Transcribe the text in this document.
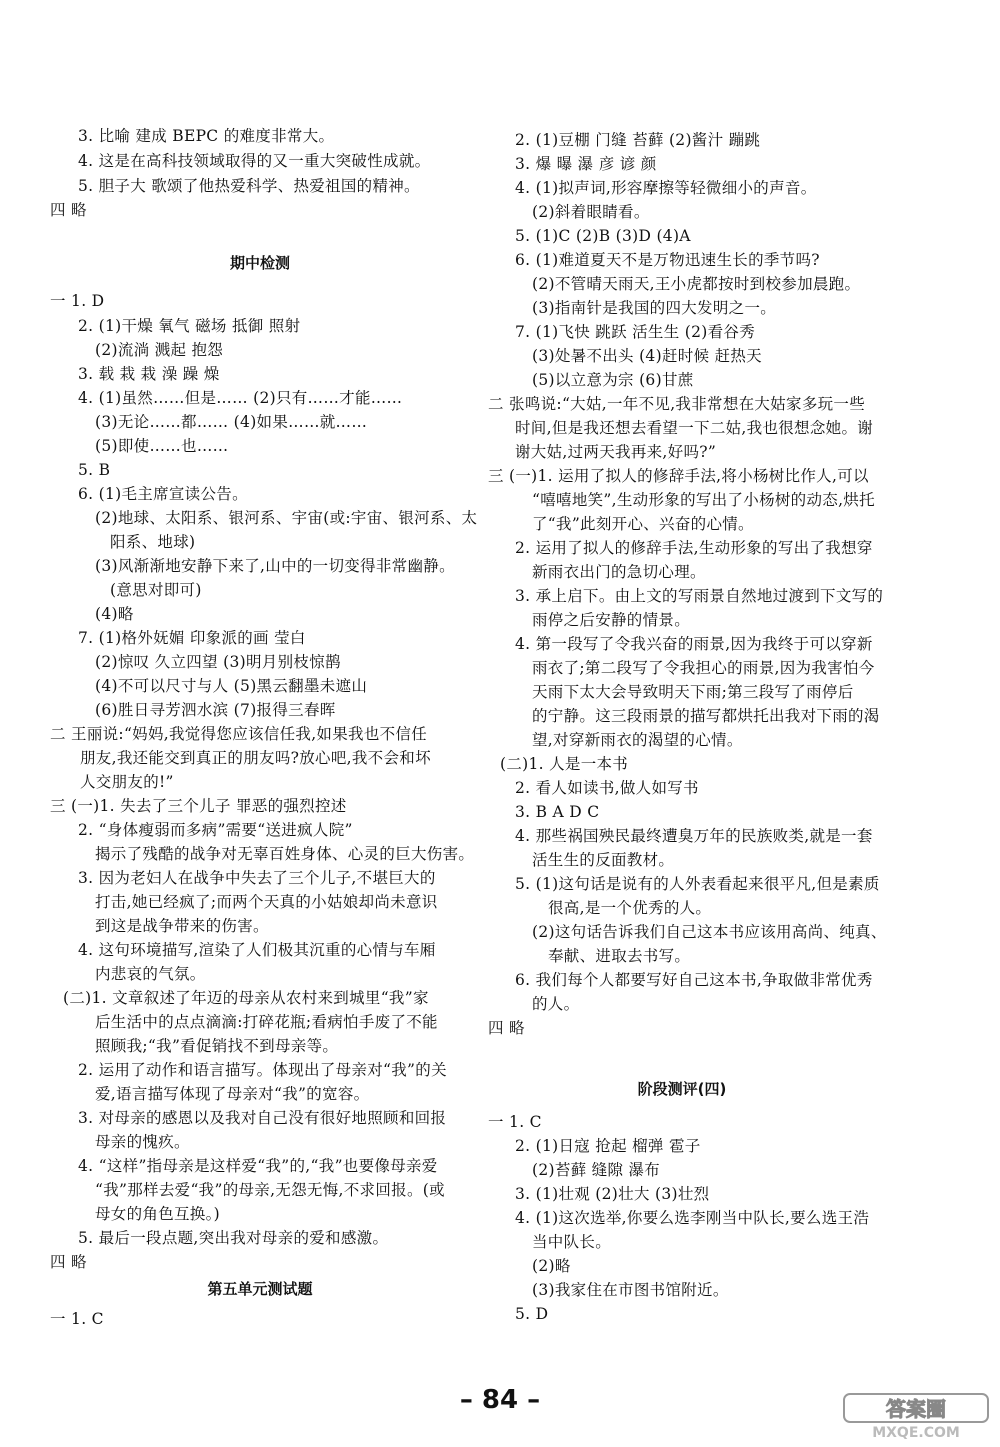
期中检测
第五单元测试题
阶段测评(四)
3. 比喻 建成 BEPC 的难度非常大。
4. 这是在高科技领域取得的又一重大突破性成就。
5. 胆子大 歌颂了他热爱科学、热爱祖国的精神。
四 略
一 1. D
2. (1)干燥 氧气 磁场 抵御 照射
(2)流淌 溅起 抱怨
3. 载 栽 栽 澡 躁 燥
4. (1)虽然……但是…… (2)只有……才能……
(3)无论……都…… (4)如果……就……
(5)即使……也……
5. B
6. (1)毛主席宣读公告。
(2)地球、太阳系、银河系、宇宙(或:宇宙、银河系、太
阳系、地球)
(3)风渐渐地安静下来了,山中的一切变得非常幽静。
(意思对即可)
(4)略
7. (1)格外妩媚 印象派的画 莹白
(2)惊叹 久立四望 (3)明月别枝惊鹊
(4)不可以尺寸与人 (5)黑云翻墨未遮山
(6)胜日寻芳泗水滨 (7)报得三春晖
二 王丽说:“妈妈,我觉得您应该信任我,如果我也不信任
朋友,我还能交到真正的朋友吗?放心吧,我不会和坏
人交朋友的!”
三 (一)1. 失去了三个儿子 罪恶的强烈控述
2. “身体瘦弱而多病”需要“送进疯人院”
揭示了残酷的战争对无辜百姓身体、心灵的巨大伤害。
3. 因为老妇人在战争中失去了三个儿子,不堪巨大的
打击,她已经疯了;而两个天真的小姑娘却尚未意识
到这是战争带来的伤害。
4. 这句环境描写,渲染了人们极其沉重的心情与车厢
内悲哀的气氛。
(二)1. 文章叙述了年迈的母亲从农村来到城里“我”家
后生活中的点点滴滴:打碎花瓶;看病怕手废了不能
照顾我;“我”看促销找不到母亲等。
2. 运用了动作和语言描写。体现出了母亲对“我”的关
爱,语言描写体现了母亲对“我”的宽容。
3. 对母亲的感恩以及我对自己没有很好地照顾和回报
母亲的愧疚。
4. “这样”指母亲是这样爱“我”的,“我”也要像母亲爱
“我”那样去爱“我”的母亲,无怨无悔,不求回报。(或
母女的角色互换。)
5. 最后一段点题,突出我对母亲的爱和感激。
四 略
一 1. C
2. (1)豆棚 门缝 苔藓 (2)酱汁 蹦跳
3. 爆 曝 瀑 彦 谚 颜
4. (1)拟声词,形容摩擦等轻微细小的声音。
(2)斜着眼睛看。
5. (1)C (2)B (3)D (4)A
6. (1)难道夏天不是万物迅速生长的季节吗?
(2)不管晴天雨天,王小虎都按时到校参加晨跑。
(3)指南针是我国的四大发明之一。
7. (1)飞快 跳跃 活生生 (2)看谷秀
(3)处暑不出头 (4)赶时候 赶热天
(5)以立意为宗 (6)甘蔗
二 张鸣说:“大姑,一年不见,我非常想在大姑家多玩一些
时间,但是我还想去看望一下二姑,我也很想念她。谢
谢大姑,过两天我再来,好吗?”
三 (一)1. 运用了拟人的修辞手法,将小杨树比作人,可以
“嘻嘻地笑”,生动形象的写出了小杨树的动态,烘托
了“我”此刻开心、兴奋的心情。
2. 运用了拟人的修辞手法,生动形象的写出了我想穿
新雨衣出门的急切心理。
3. 承上启下。由上文的写雨景自然地过渡到下文写的
雨停之后安静的情景。
4. 第一段写了令我兴奋的雨景,因为我终于可以穿新
雨衣了;第二段写了令我担心的雨景,因为我害怕今
天雨下太大会导致明天下雨;第三段写了雨停后
的宁静。这三段雨景的描写都烘托出我对下雨的渴
望,对穿新雨衣的渴望的心情。
(二)1. 人是一本书
2. 看人如读书,做人如写书
3. B A D C
4. 那些祸国殃民最终遭臭万年的民族败类,就是一套
活生生的反面教材。
5. (1)这句话是说有的人外表看起来很平凡,但是素质
很高,是一个优秀的人。
(2)这句话告诉我们自己这本书应该用高尚、纯真、
奉献、进取去书写。
6. 我们每个人都要写好自己这本书,争取做非常优秀
的人。
四 略
一 1. C
2. (1)日寇 抢起 榴弹 雹子
(2)苔藓 缝隙 瀑布
3. (1)壮观 (2)壮大 (3)壮烈
4. (1)这次选举,你要么选李刚当中队长,要么选王浩
当中队长。
(2)略
(3)我家住在市图书馆附近。
5. D
– 84 –	答案圈
MXQE.COM
